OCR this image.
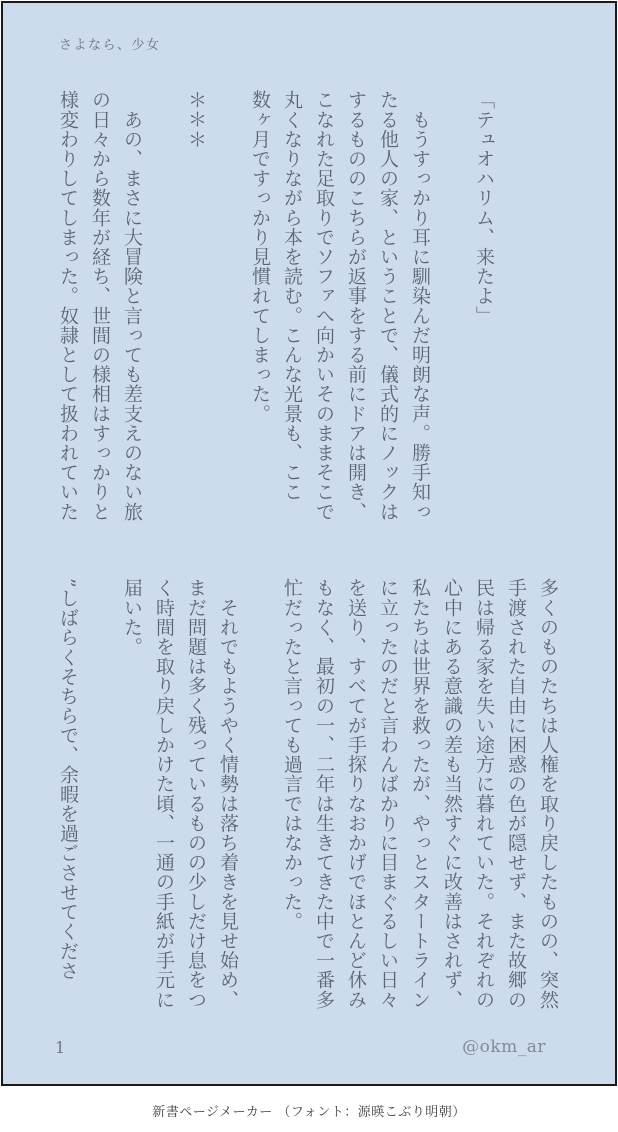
さよなら、少女
「テュオハリム、来たよ」
　もうすっかり耳に馴染んだ明朗な声。勝手知っ
たる他人の家、ということで、儀式的にノックは
するもののこちらが返事をする前にドアは開き、
こなれた足取りでソファへ向かいそのままそこで
丸くなりながら本を読む。こんな光景も、ここ
数ヶ月ですっかり見慣れてしまった。
＊＊＊
　あの、まさに大冒険と言っても差支えのない旅
の日々から数年が経ち、世間の様相はすっかりと
様変わりしてしまった。奴隷として扱われていた
多くのものたちは人権を取り戻したものの、突然
手渡された自由に困惑の色が隠せず、また故郷の
民は帰る家を失い途方に暮れていた。それぞれの
心中にある意識の差も当然すぐに改善はされず、
私たちは世界を救ったが、やっとスタートライン
に立ったのだと言わんばかりに目まぐるしい日々
を送り、すべてが手探りなおかげでほとんど休み
もなく、最初の一、二年は生きてきた中で一番多
忙だったと言っても過言ではなかった。
　それでもようやく情勢は落ち着きを見せ始め、
まだ問題は多く残っているものの少しだけ息をつ
く時間を取り戻しかけた頃、一通の手紙が手元に
届いた。
”しばらくそちらで、余暇を過ごさせてくださ
1	@okm_ar
新書ページメーカー （フォント：源暎こぶり明朝）
